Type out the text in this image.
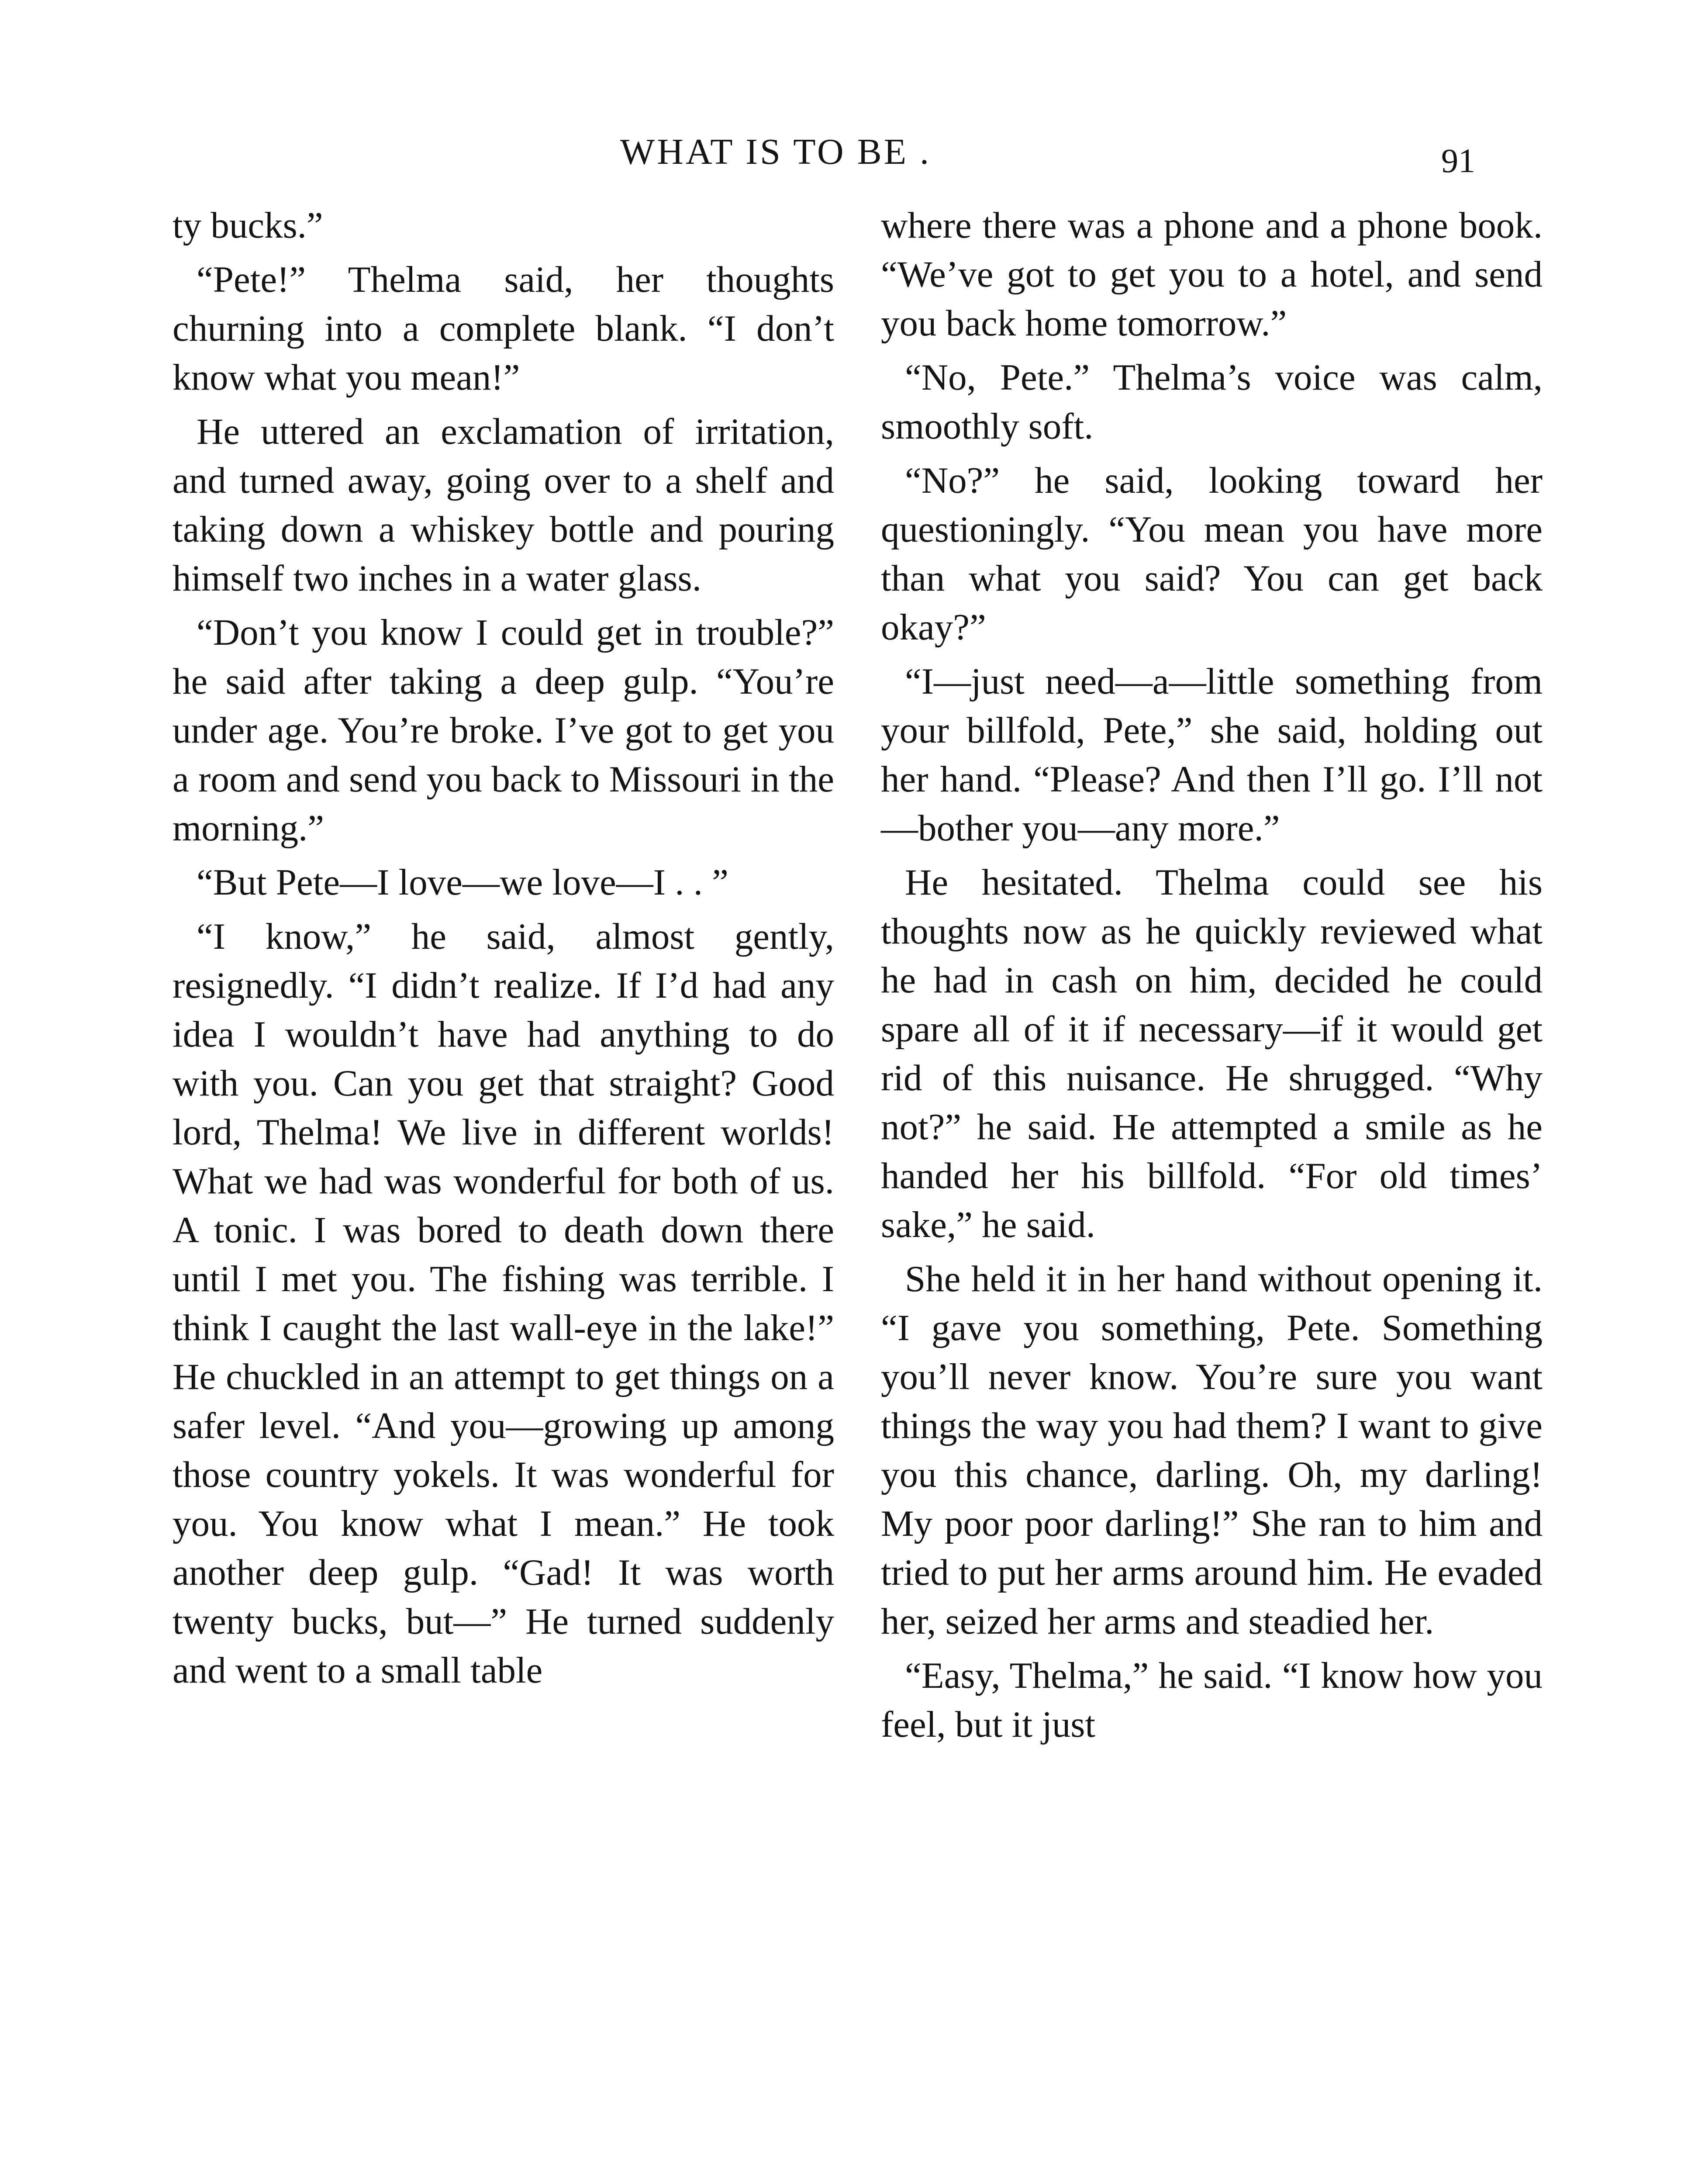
WHAT IS TO BE .	91

ty bucks.”

“Pete!” Thelma said, her thoughts churning into a complete blank. “I don’t know what you mean!”

He uttered an exclamation of irritation, and turned away, going over to a shelf and taking down a whiskey bottle and pouring himself two inches in a water glass.

“Don’t you know I could get in trouble?” he said after taking a deep gulp. “You’re under age. You’re broke. I’ve got to get you a room and send you back to Missouri in the morning.”

“But Pete—I love—we love—I . . ”

“I know,” he said, almost gently, resignedly. “I didn’t realize. If I’d had any idea I wouldn’t have had anything to do with you. Can you get that straight? Good lord, Thelma! We live in different worlds! What we had was wonderful for both of us. A tonic. I was bored to death down there until I met you. The fishing was terrible. I think I caught the last wall-eye in the lake!” He chuckled in an attempt to get things on a safer level. “And you—growing up among those country yokels. It was wonderful for you. You know what I mean.” He took another deep gulp. “Gad! It was worth twenty bucks, but—” He turned suddenly and went to a small table

where there was a phone and a phone book. “We’ve got to get you to a hotel, and send you back home tomorrow.”

“No, Pete.” Thelma’s voice was calm, smoothly soft.

“No?” he said, looking toward her questioningly. “You mean you have more than what you said? You can get back okay?”

“I—just need—a—little something from your billfold, Pete,” she said, holding out her hand. “Please? And then I’ll go. I’ll not —bother you—any more.”

He hesitated. Thelma could see his thoughts now as he quickly reviewed what he had in cash on him, decided he could spare all of it if necessary—if it would get rid of this nuisance. He shrugged. “Why not?” he said. He attempted a smile as he handed her his billfold. “For old times’ sake,” he said.

She held it in her hand without opening it. “I gave you something, Pete. Something you’ll never know. You’re sure you want things the way you had them? I want to give you this chance, darling. Oh, my darling! My poor poor darling!” She ran to him and tried to put her arms around him. He evaded her, seized her arms and steadied her.

“Easy, Thelma,” he said. “I know how you feel, but it just
